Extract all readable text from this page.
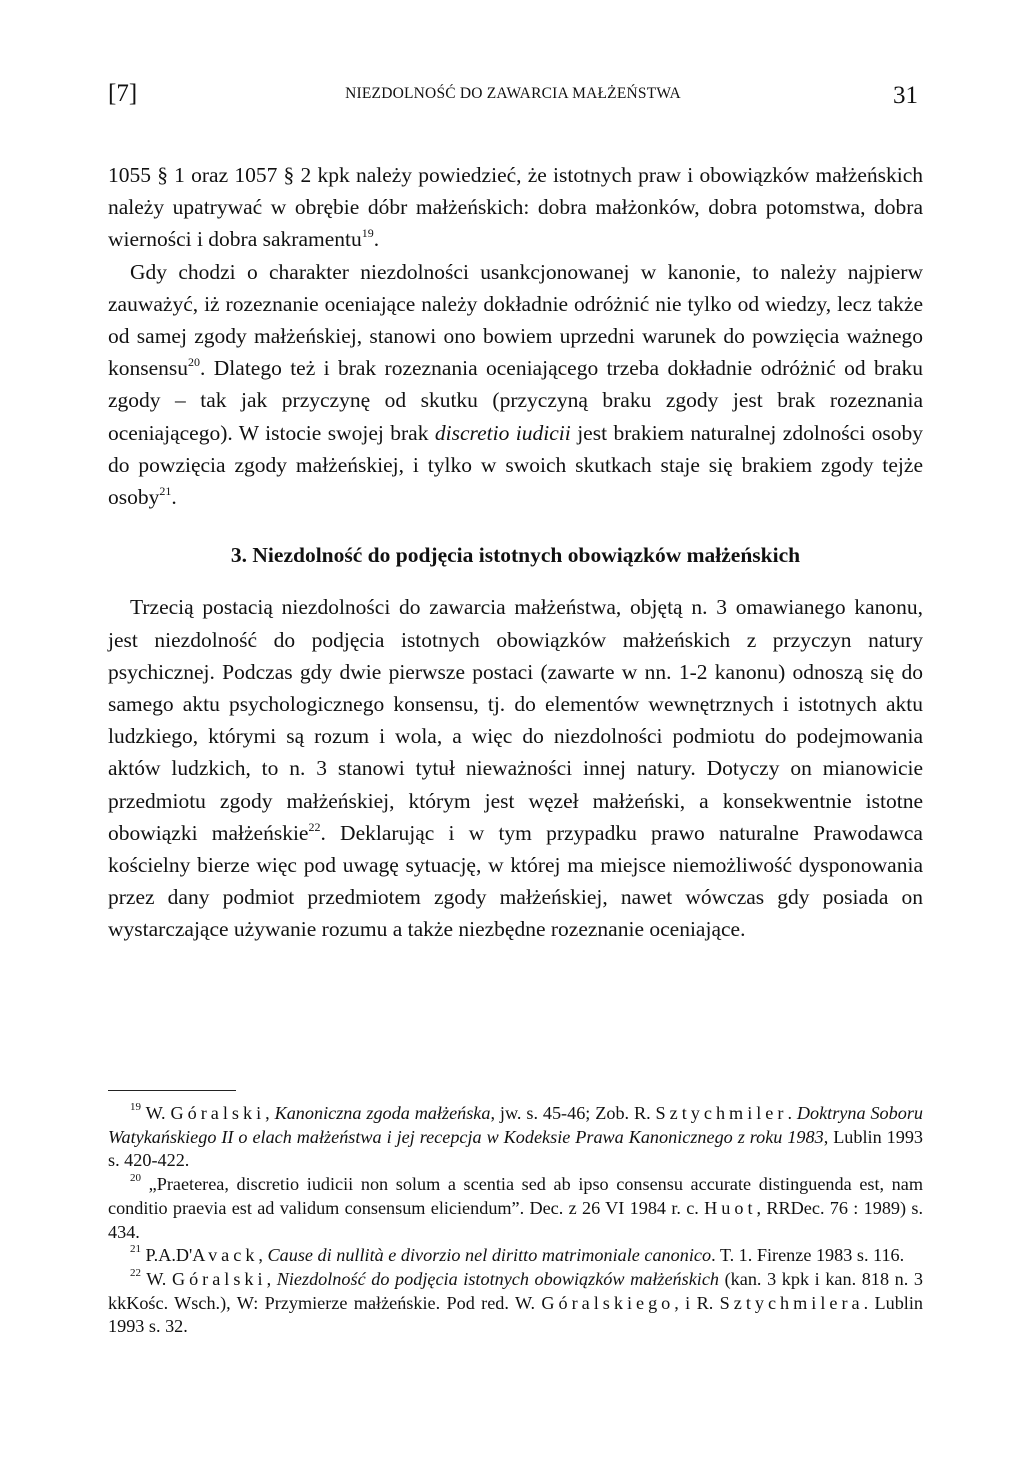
[7]	NIEZDOLNOŚĆ DO ZAWARCIA MAŁŻEŃSTWA	31

1055 § 1 oraz 1057 § 2 kpk należy powiedzieć, że istotnych praw i obowiązków małżeńskich należy upatrywać w obrębie dóbr małżeńskich: dobra małżonków, dobra potomstwa, dobra wierności i dobra sakramentu$^{19}$.

Gdy chodzi o charakter niezdolności usankcjonowanej w kanonie, to należy najpierw zauważyć, iż rozeznanie oceniające należy dokładnie odróżnić nie tylko od wiedzy, lecz także od samej zgody małżeńskiej, stanowi ono bowiem uprzedni warunek do powzięcia ważnego konsensu$^{20}$. Dlatego też i brak rozeznania oceniającego trzeba dokładnie odróżnić od braku zgody – tak jak przyczynę od skutku (przyczyną braku zgody jest brak rozeznania oceniającego). W istocie swojej brak discretio iudicii jest brakiem naturalnej zdolności osoby do powzięcia zgody małżeńskiej, i tylko w swoich skutkach staje się brakiem zgody tejże osoby$^{21}$.

3. Niezdolność do podjęcia istotnych obowiązków małżeńskich

Trzecią postacią niezdolności do zawarcia małżeństwa, objętą n. 3 omawianego kanonu, jest niezdolność do podjęcia istotnych obowiązków małżeńskich z przyczyn natury psychicznej. Podczas gdy dwie pierwsze postaci (zawarte w nn. 1-2 kanonu) odnoszą się do samego aktu psychologicznego konsensu, tj. do elementów wewnętrznych i istotnych aktu ludzkiego, którymi są rozum i wola, a więc do niezdolności podmiotu do podejmowania aktów ludzkich, to n. 3 stanowi tytuł nieważności innej natury. Dotyczy on mianowicie przedmiotu zgody małżeńskiej, którym jest węzeł małżeński, a konsekwentnie istotne obowiązki małżeńskie$^{22}$. Deklarując i w tym przypadku prawo naturalne Prawodawca kościelny bierze więc pod uwagę sytuację, w której ma miejsce niemożliwość dysponowania przez dany podmiot przedmiotem zgody małżeńskiej, nawet wówczas gdy posiada on wystarczające używanie rozumu a także niezbędne rozeznanie oceniające.

$^{19}$ W. Góralski, Kanoniczna zgoda małżeńska, jw. s. 45-46; Zob. R. Sztychmiler. Doktryna Soboru Watykańskiego II o elach małżeństwa i jej recepcja w Kodeksie Prawa Kanonicznego z roku 1983, Lublin 1993 s. 420-422.

$^{20}$ „Praeterea, discretio iudicii non solum a scentia sed ab ipso consensu accurate distinguenda est, nam conditio praevia est ad validum consensum eliciendum”. Dec. z 26 VI 1984 r. c. Huot, RRDec. 76 : 1989) s. 434.

$^{21}$ P.A.D'Avack, Cause di nullità e divorzio nel diritto matrimoniale canonico. T. 1. Firenze 1983 s. 116.

$^{22}$ W. Góralski, Niezdolność do podjęcia istotnych obowiązków małżeńskich (kan. 3 kpk i kan. 818 n. 3 kkKośc. Wsch.), W: Przymierze małżeńskie. Pod red. W. Góralskiego, i R. Sztychmilera. Lublin 1993 s. 32.
